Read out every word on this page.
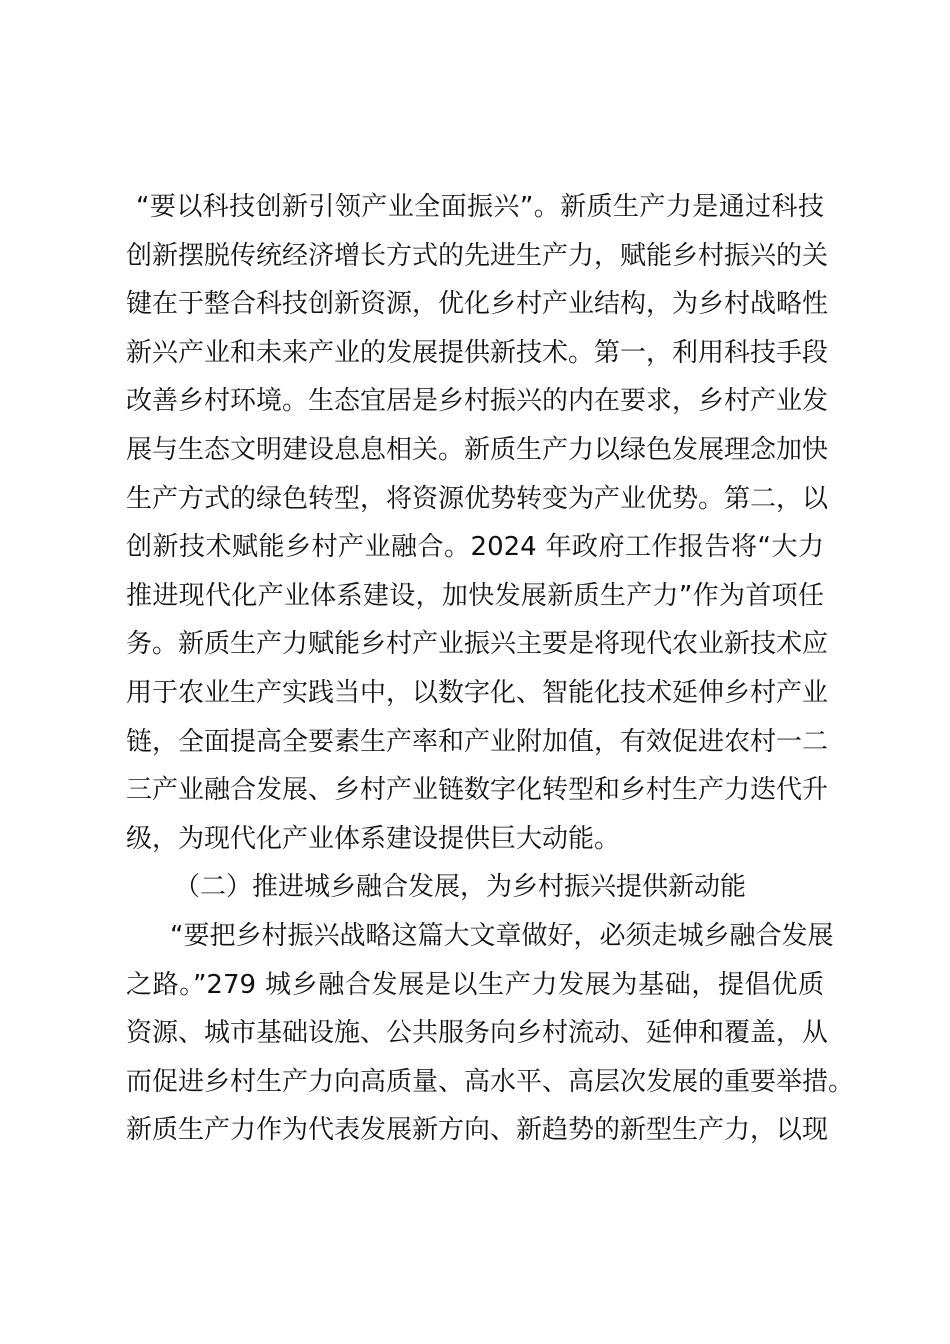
“要以科技创新引领产业全面振兴”。新质生产力是通过科技
创新摆脱传统经济增长方式的先进生产力，赋能乡村振兴的关
键在于整合科技创新资源，优化乡村产业结构，为乡村战略性
新兴产业和未来产业的发展提供新技术。第一，利用科技手段
改善乡村环境。生态宜居是乡村振兴的内在要求，乡村产业发
展与生态文明建设息息相关。新质生产力以绿色发展理念加快
生产方式的绿色转型，将资源优势转变为产业优势。第二，以
创新技术赋能乡村产业融合。2024 年政府工作报告将“大力
推进现代化产业体系建设，加快发展新质生产力”作为首项任
务。新质生产力赋能乡村产业振兴主要是将现代农业新技术应
用于农业生产实践当中，以数字化、智能化技术延伸乡村产业
链，全面提高全要素生产率和产业附加值，有效促进农村一二
三产业融合发展、乡村产业链数字化转型和乡村生产力迭代升
级，为现代化产业体系建设提供巨大动能。
（二）推进城乡融合发展，为乡村振兴提供新动能
“要把乡村振兴战略这篇大文章做好，必须走城乡融合发展
之路。”279 城乡融合发展是以生产力发展为基础，提倡优质
资源、城市基础设施、公共服务向乡村流动、延伸和覆盖，从
而促进乡村生产力向高质量、高水平、高层次发展的重要举措。
新质生产力作为代表发展新方向、新趋势的新型生产力，以现
